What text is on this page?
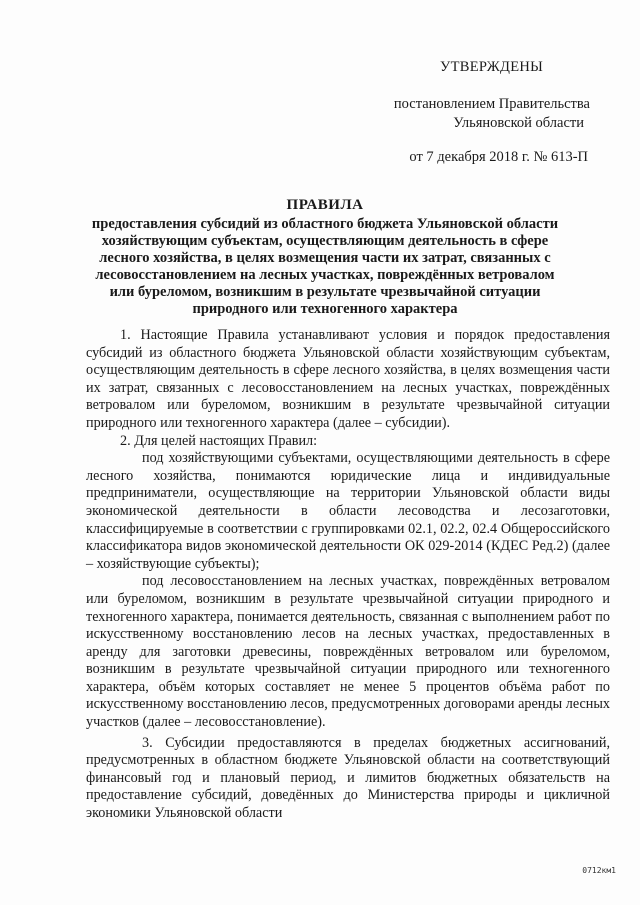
УТВЕРЖДЕНЫ
постановлением Правительства
Ульяновской области
от 7 декабря 2018 г. № 613-П
ПРАВИЛА
предоставления субсидий из областного бюджета Ульяновской области хозяйствующим субъектам, осуществляющим деятельность в сфере лесного хозяйства, в целях возмещения части их затрат, связанных с лесовосстановлением на лесных участках, повреждённых ветровалом или буреломом, возникшим в результате чрезвычайной ситуации природного или техногенного характера

1. Настоящие Правила устанавливают условия и порядок предоставления субсидий из областного бюджета Ульяновской области хозяйствующим субъектам, осуществляющим деятельность в сфере лесного хозяйства, в целях возмещения части их затрат, связанных с лесовосстановлением на лесных участках, повреждённых ветровалом или буреломом, возникшим в результате чрезвычайной ситуации природного или техногенного характера (далее – субсидии).

2. Для целей настоящих Правил:

под хозяйствующими субъектами, осуществляющими деятельность в сфере лесного хозяйства, понимаются юридические лица и индивидуальные предприниматели, осуществляющие на территории Ульяновской области виды экономической деятельности в области лесоводства и лесозаготовки, классифицируемые в соответствии с группировками 02.1, 02.2, 02.4 Общероссийского классификатора видов экономической деятельности ОК 029-2014 (КДЕС Ред.2) (далее – хозяйствующие субъекты);

под лесовосстановлением на лесных участках, повреждённых ветровалом или буреломом, возникшим в результате чрезвычайной ситуации природного и техногенного характера, понимается деятельность, связанная с выполнением работ по искусственному восстановлению лесов на лесных участках, предоставленных в аренду для заготовки древесины, повреждённых ветровалом или буреломом, возникшим в результате чрезвычайной ситуации природного или техногенного характера, объём которых составляет не менее 5 процентов объёма работ по искусственному восстановлению лесов, предусмотренных договорами аренды лесных участков (далее – лесовосстановление).

3. Субсидии предоставляются в пределах бюджетных ассигнований, предусмотренных в областном бюджете Ульяновской области на соответствующий финансовый год и плановый период, и лимитов бюджетных обязательств на предоставление субсидий, доведённых до Министерства природы и цикличной экономики Ульяновской области

0712км1
